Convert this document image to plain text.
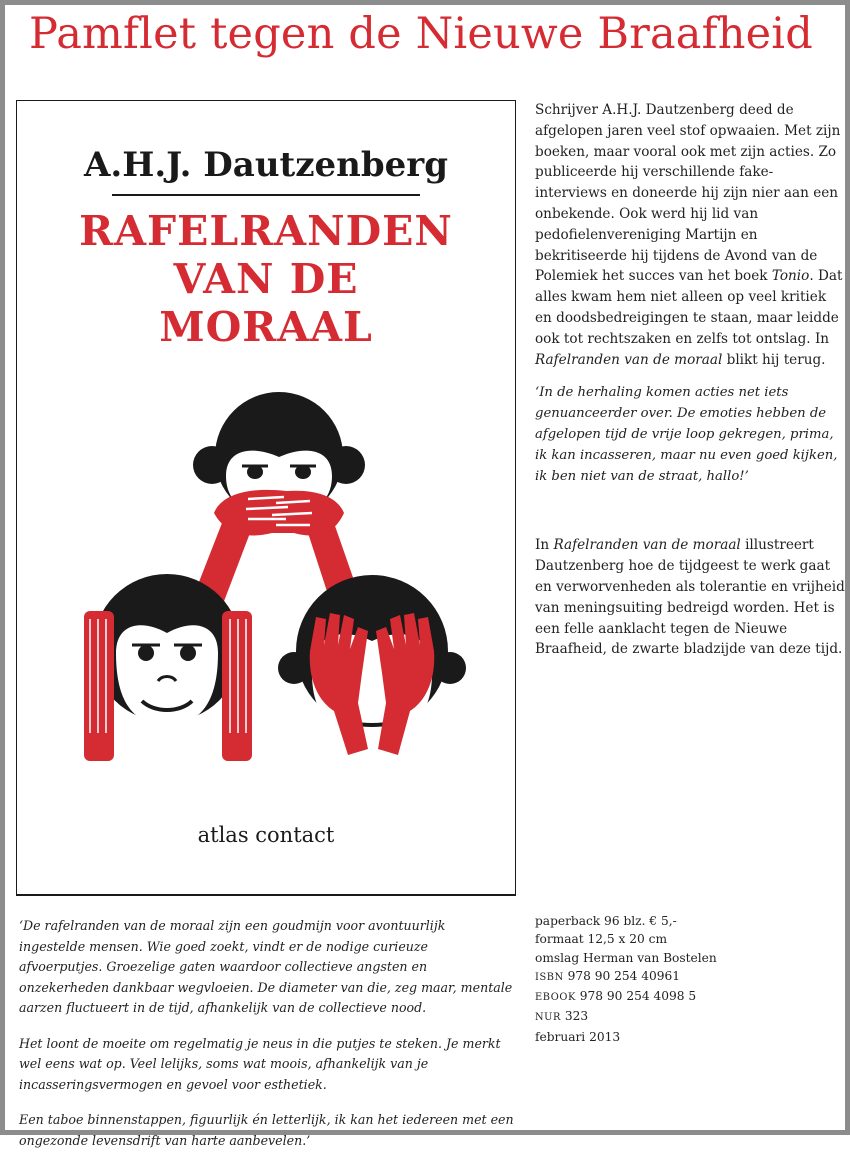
Pamflet tegen de Nieuwe Braafheid

A.H.J. Dautzenberg

RAFELRANDEN

VAN DE

MORAAL

atlas contact

Schrijver A.H.J. Dautzenberg deed de afgelopen jaren veel stof opwaaien. Met zijn boeken, maar vooral ook met zijn acties. Zo publiceerde hij verschillende fake-interviews en doneerde hij zijn nier aan een onbekende. Ook werd hij lid van pedofielenvereniging Martijn en bekritiseerde hij tijdens de Avond van de Polemiek het succes van het boek Tonio. Dat alles kwam hem niet alleen op veel kritiek en doodsbedreigingen te staan, maar leidde ook tot rechtszaken en zelfs tot ontslag. In Rafelranden van de moraal blikt hij terug.

‘In de herhaling komen acties net iets genuanceerder over. De emoties hebben de afgelopen tijd de vrije loop gekregen, prima, ik kan incasseren, maar nu even goed kijken, ik ben niet van de straat, hallo!’

In Rafelranden van de moraal illustreert Dautzenberg hoe de tijdgeest te werk gaat en verworvenheden als tolerantie en vrijheid van meningsuiting bedreigd worden. Het is een felle aanklacht tegen de Nieuwe Braafheid, de zwarte bladzijde van deze tijd.

‘De rafelranden van de moraal zijn een goudmijn voor avontuurlijk ingestelde mensen. Wie goed zoekt, vindt er de nodige curieuze afvoerputjes. Groezelige gaten waardoor collectieve angsten en onzekerheden dankbaar wegvloeien. De diameter van die, zeg maar, mentale aarzen fluctueert in de tijd, afhankelijk van de collectieve nood.

Het loont de moeite om regelmatig je neus in die putjes te steken. Je merkt wel eens wat op. Veel lelijks, soms wat moois, afhankelijk van je incasseringsvermogen en gevoel voor esthetiek.

Een taboe binnenstappen, figuurlijk én letterlijk, ik kan het iedereen met een ongezonde levensdrift van harte aanbevelen.’

paperback 96 blz. € 5,-
formaat 12,5 x 20 cm
omslag Herman van Bostelen
ISBN 978 90 254 40961
EBOOK 978 90 254 4098 5
NUR 323
februari 2013
